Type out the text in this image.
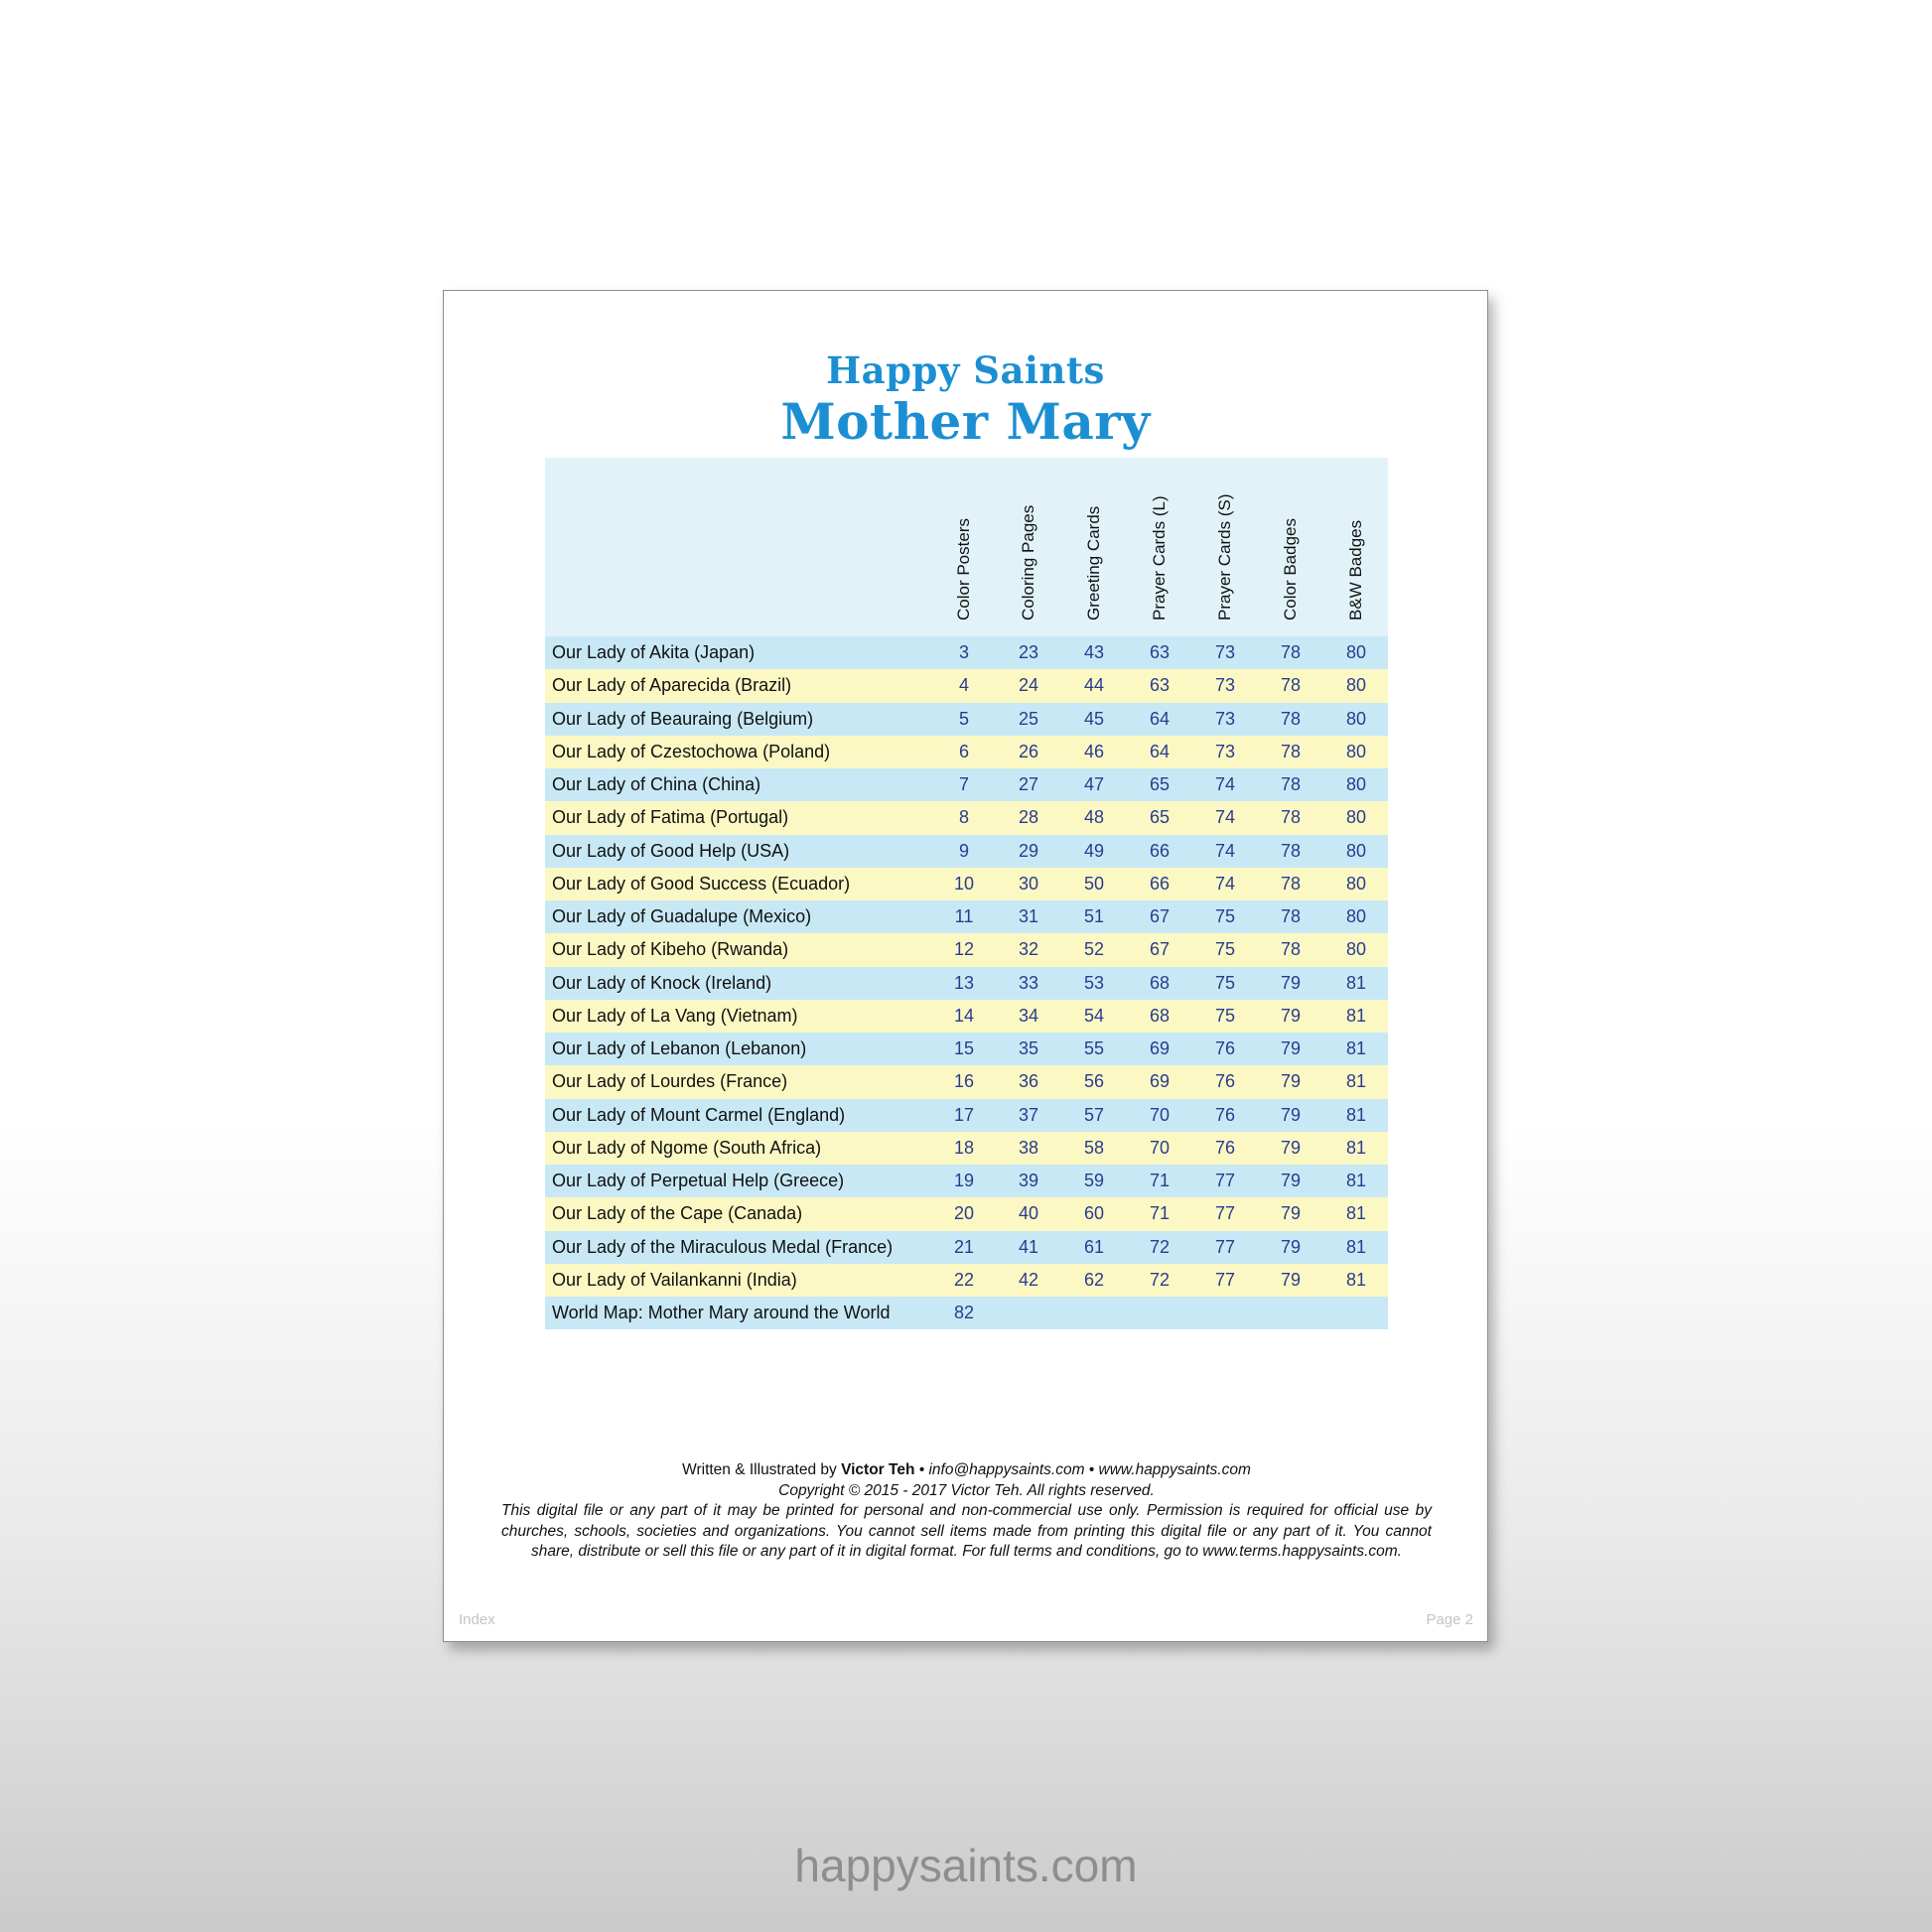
Happy Saints
Mother Mary
Color Posters	Coloring Pages	Greeting Cards	Prayer Cards (L)	Prayer Cards (S)	Color Badges	B&W Badges
Our Lady of Akita (Japan)	3	23	43	63	73	78	80
Our Lady of Aparecida (Brazil)	4	24	44	63	73	78	80
Our Lady of Beauraing (Belgium)	5	25	45	64	73	78	80
Our Lady of Czestochowa (Poland)	6	26	46	64	73	78	80
Our Lady of China (China)	7	27	47	65	74	78	80
Our Lady of Fatima (Portugal)	8	28	48	65	74	78	80
Our Lady of Good Help (USA)	9	29	49	66	74	78	80
Our Lady of Good Success (Ecuador)	10	30	50	66	74	78	80
Our Lady of Guadalupe (Mexico)	11	31	51	67	75	78	80
Our Lady of Kibeho (Rwanda)	12	32	52	67	75	78	80
Our Lady of Knock (Ireland)	13	33	53	68	75	79	81
Our Lady of La Vang (Vietnam)	14	34	54	68	75	79	81
Our Lady of Lebanon (Lebanon)	15	35	55	69	76	79	81
Our Lady of Lourdes (France)	16	36	56	69	76	79	81
Our Lady of Mount Carmel (England)	17	37	57	70	76	79	81
Our Lady of Ngome (South Africa)	18	38	58	70	76	79	81
Our Lady of Perpetual Help (Greece)	19	39	59	71	77	79	81
Our Lady of the Cape (Canada)	20	40	60	71	77	79	81
Our Lady of the Miraculous Medal (France)	21	41	61	72	77	79	81
Our Lady of Vailankanni (India)	22	42	62	72	77	79	81
World Map: Mother Mary around the World	82
Written & Illustrated by Victor Teh • info@happysaints.com • www.happysaints.com
Copyright © 2015 - 2017 Victor Teh. All rights reserved.
This digital file or any part of it may be printed for personal and non-commercial use only. Permission is required for official use by churches, schools, societies and organizations. You cannot sell items made from printing this digital file or any part of it. You cannot share, distribute or sell this file or any part of it in digital format. For full terms and conditions, go to www.terms.happysaints.com.
Index	Page 2
happysaints.com
